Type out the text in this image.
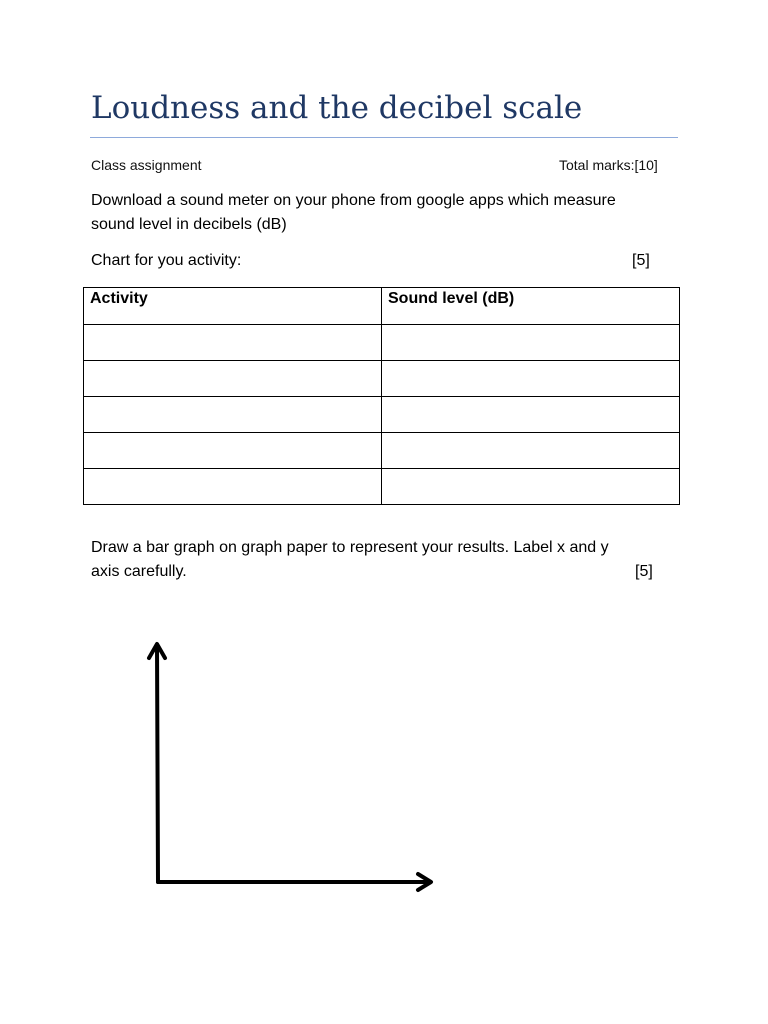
Loudness and the decibel scale
Class assignment	Total marks:[10]
Download a sound meter on your phone from google apps which measure
sound level in decibels (dB)
Chart for you activity:	[5]
Activity	Sound level (dB)

Draw a bar graph on graph paper to represent your results. Label x and y
axis carefully.	[5]
